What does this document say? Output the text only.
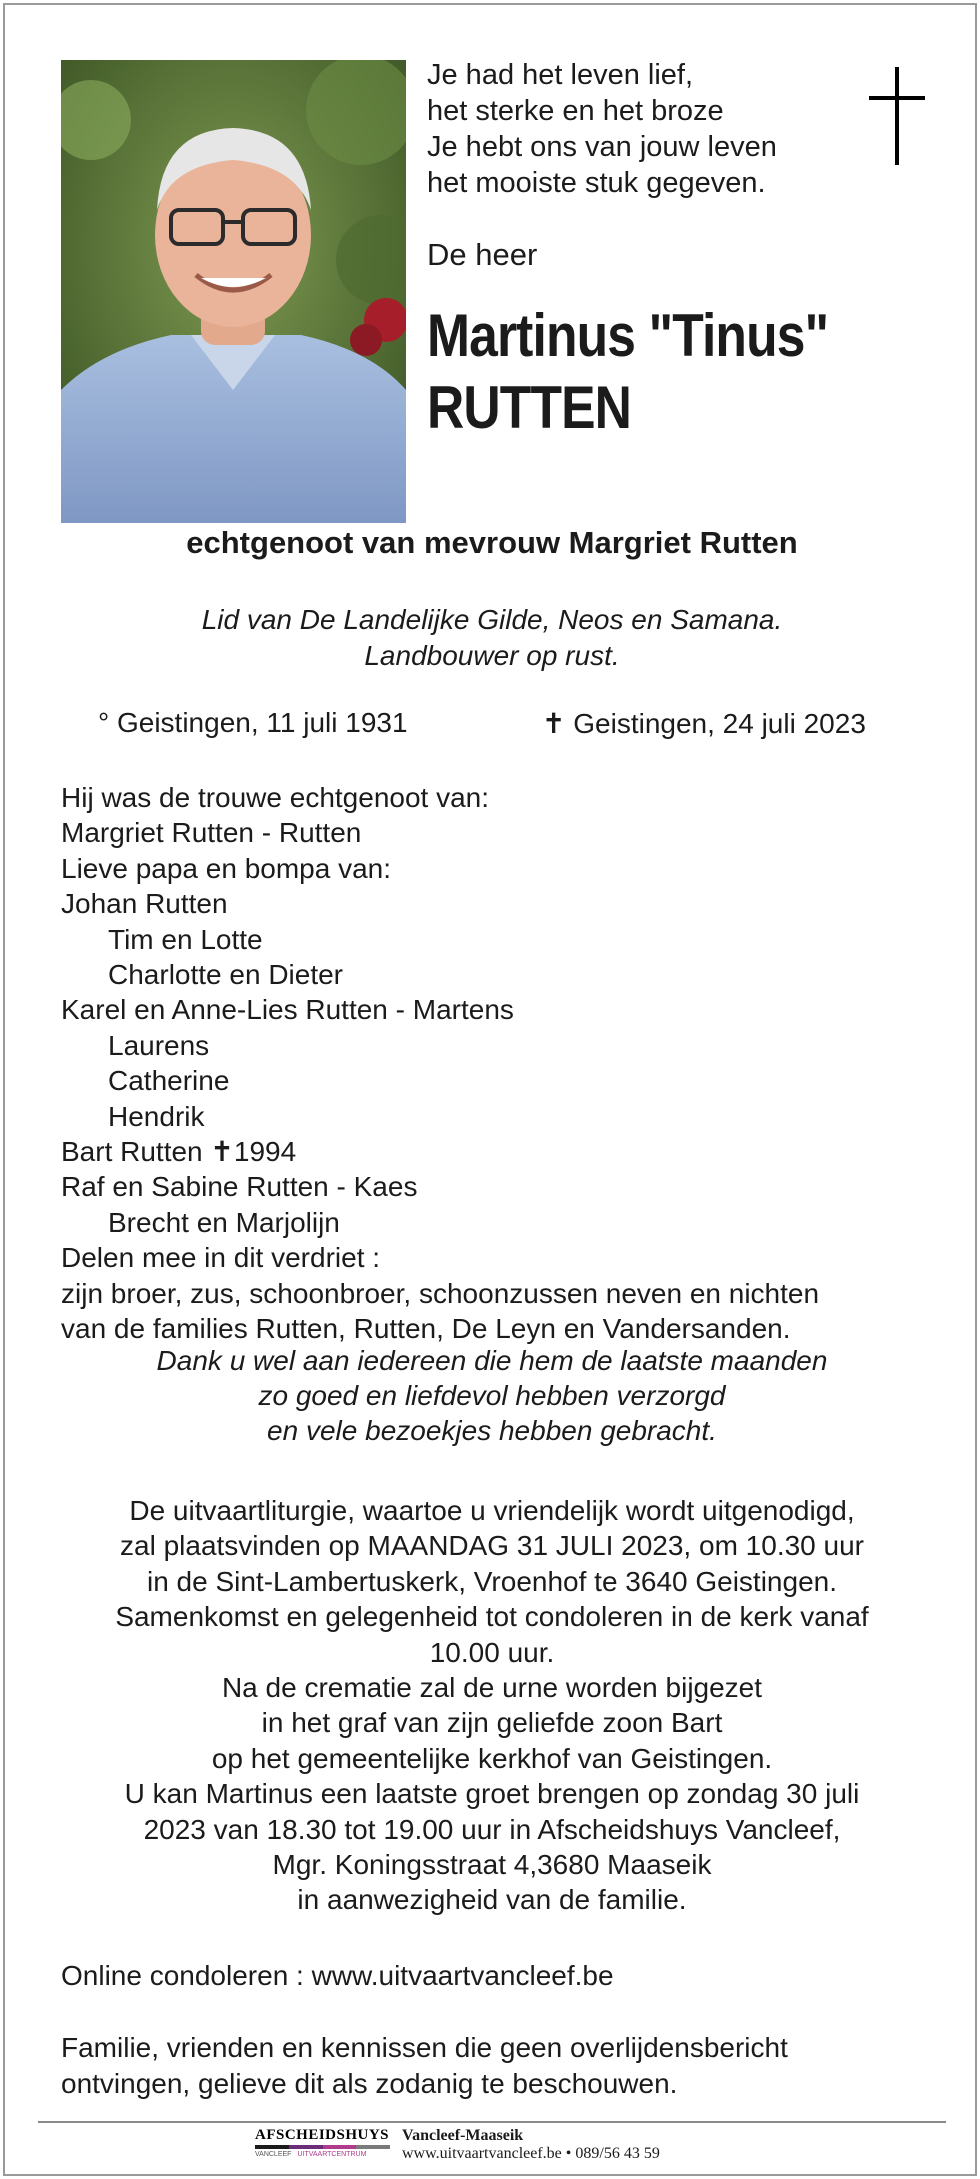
Je had het leven lief,
het sterke en het broze
Je hebt ons van jouw leven
het mooiste stuk gegeven.
De heer
Martinus "Tinus"
RUTTEN
echtgenoot van mevrouw Margriet Rutten
Lid van De Landelijke Gilde, Neos en Samana.
Landbouwer op rust.
° Geistingen, 11 juli 1931	✝ Geistingen, 24 juli 2023
Hij was de trouwe echtgenoot van:
Margriet Rutten - Rutten
Lieve papa en bompa van:
Johan Rutten
Tim en Lotte
Charlotte en Dieter
Karel en Anne-Lies Rutten - Martens
Laurens
Catherine
Hendrik
Bart Rutten ✝1994
Raf en Sabine Rutten - Kaes
Brecht en Marjolijn
Delen mee in dit verdriet :
zijn broer, zus, schoonbroer, schoonzussen neven en nichten
van de families Rutten, Rutten, De Leyn en Vandersanden.
Dank u wel aan iedereen die hem de laatste maanden
zo goed en liefdevol hebben verzorgd
en vele bezoekjes hebben gebracht.
De uitvaartliturgie, waartoe u vriendelijk wordt uitgenodigd,
zal plaatsvinden op MAANDAG 31 JULI 2023, om 10.30 uur
in de Sint-Lambertuskerk, Vroenhof te 3640 Geistingen.
Samenkomst en gelegenheid tot condoleren in de kerk vanaf
10.00 uur.
Na de crematie zal de urne worden bijgezet
in het graf van zijn geliefde zoon Bart
op het gemeentelijke kerkhof van Geistingen.
U kan Martinus een laatste groet brengen op zondag 30 juli
2023 van 18.30 tot 19.00 uur in Afscheidshuys Vancleef,
Mgr. Koningsstraat 4,3680 Maaseik
in aanwezigheid van de familie.
Online condoleren : www.uitvaartvancleef.be
Familie, vrienden en kennissen die geen overlijdensbericht
ontvingen, gelieve dit als zodanig te beschouwen.
AFSCHEIDSHUYS
VANCLEEF UITVAARTCENTRUM
Vancleef-Maaseik
www.uitvaartvancleef.be • 089/56 43 59
